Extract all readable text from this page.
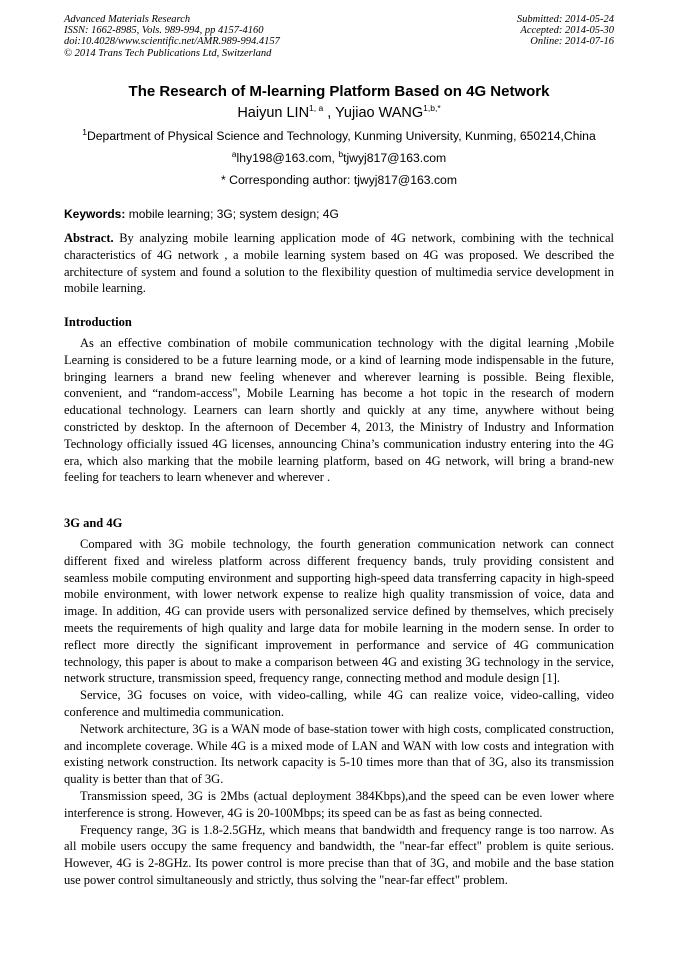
Advanced Materials Research
ISSN: 1662-8985, Vols. 989-994, pp 4157-4160
doi:10.4028/www.scientific.net/AMR.989-994.4157
© 2014 Trans Tech Publications Ltd, Switzerland
Submitted: 2014-05-24
Accepted: 2014-05-30
Online: 2014-07-16
The Research of M-learning Platform Based on 4G Network
Haiyun LIN$^{1, a}$ , Yujiao $WANG^{1,b,*}$
$^1$Department of Physical Science and Technology, Kunming University, Kunming, 650214,China
$^a$lhy198@163.com, $^b$tjwyj817@163.com
* Corresponding author: tjwyj817@163.com
Keywords: mobile learning; 3G; system design; 4G

Abstract. By analyzing mobile learning application mode of 4G network, combining with the technical characteristics of 4G network , a mobile learning system based on 4G was proposed. We described the architecture of system and found a solution to the flexibility question of multimedia service development in mobile learning.

Introduction

As an effective combination of mobile communication technology with the digital learning ,Mobile Learning is considered to be a future learning mode, or a kind of learning mode indispensable in the future, bringing learners a brand new feeling whenever and wherever learning is possible. Being flexible, convenient, and “random-access", Mobile Learning has become a hot topic in the research of modern educational technology. Learners can learn shortly and quickly at any time, anywhere without being constricted by desktop. In the afternoon of December 4, 2013, the Ministry of Industry and Information Technology officially issued 4G licenses, announcing China’s communication industry entering into the 4G era, which also marking that the mobile learning platform, based on 4G network, will bring a brand-new feeling for teachers to learn whenever and wherever .

3G and 4G

Compared with 3G mobile technology, the fourth generation communication network can connect different fixed and wireless platform across different frequency bands, truly providing consistent and seamless mobile computing environment and supporting high-speed data transferring capacity in high-speed mobile environment, with lower network expense to realize high quality transmission of voice, data and image. In addition, 4G can provide users with personalized service defined by themselves, which precisely meets the requirements of high quality and large data for mobile learning in the modern sense. In order to reflect more directly the significant improvement in performance and service of 4G communication technology, this paper is about to make a comparison between 4G and existing 3G technology in the service, network structure, transmission speed, frequency range, connecting method and module design [1].

Service, 3G focuses on voice, with video-calling, while 4G can realize voice, video-calling, video conference and multimedia communication.

Network architecture, 3G is a WAN mode of base-station tower with high costs, complicated construction, and incomplete coverage. While 4G is a mixed mode of LAN and WAN with low costs and integration with existing network construction. Its network capacity is 5-10 times more than that of 3G, also its transmission quality is better than that of 3G.

Transmission speed, 3G is 2Mbs (actual deployment 384Kbps),and the speed can be even lower where interference is strong. However, 4G is 20-100Mbps; its speed can be as fast as being connected.

Frequency range, 3G is 1.8-2.5GHz, which means that bandwidth and frequency range is too narrow. As all mobile users occupy the same frequency and bandwidth, the "near-far effect" problem is quite serious. However, 4G is 2-8GHz. Its power control is more precise than that of 3G, and mobile and the base station use power control simultaneously and strictly, thus solving the "near-far effect" problem.
